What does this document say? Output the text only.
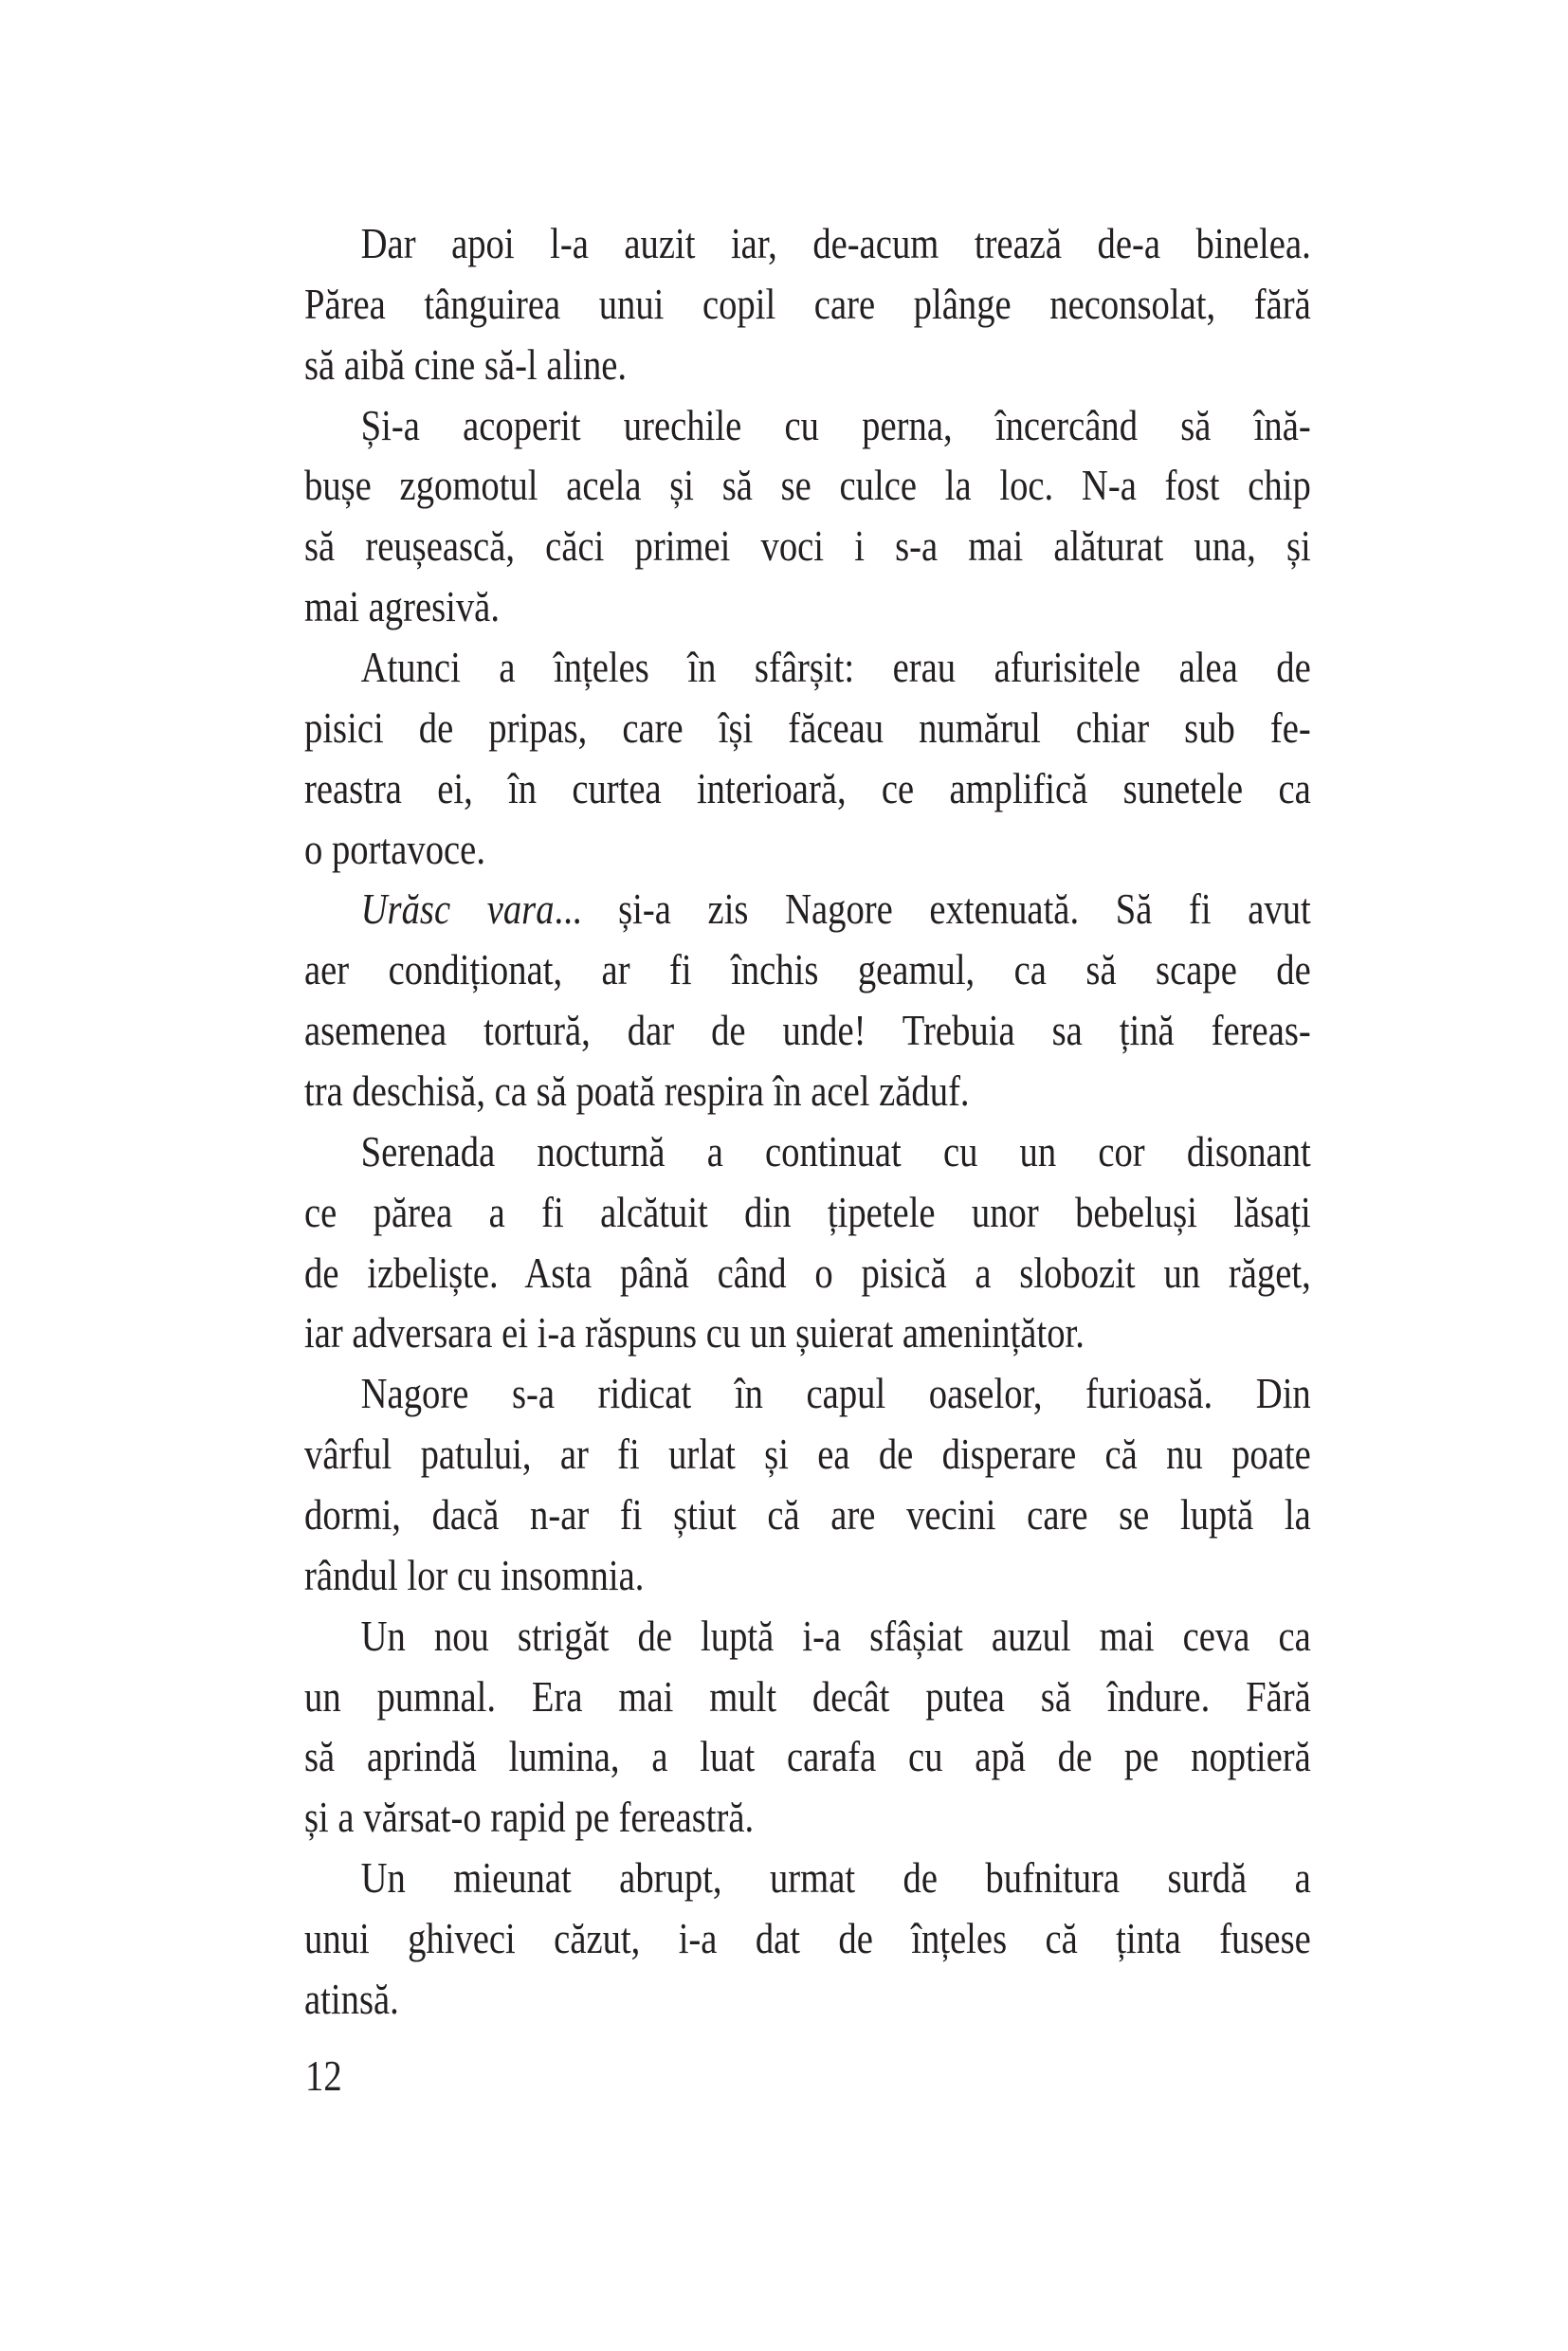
Dar apoi l-a auzit iar, de-acum trează de-a binelea.
Părea tânguirea unui copil care plânge neconsolat, fără
să aibă cine să-l aline.
Și-a acoperit urechile cu perna, încercând să înă-
bușe zgomotul acela și să se culce la loc. N-a fost chip
să reușească, căci primei voci i s-a mai alăturat una, și
mai agresivă.
Atunci a înțeles în sfârșit: erau afurisitele alea de
pisici de pripas, care își făceau numărul chiar sub fe-
reastra ei, în curtea interioară, ce amplifică sunetele ca
o portavoce.
Urăsc vara... și-a zis Nagore extenuată. Să fi avut
aer condiționat, ar fi închis geamul, ca să scape de
asemenea tortură, dar de unde! Trebuia sa țină fereas-
tra deschisă, ca să poată respira în acel zăduf.
Serenada nocturnă a continuat cu un cor disonant
ce părea a fi alcătuit din țipetele unor bebeluși lăsați
de izbeliște. Asta până când o pisică a slobozit un răget,
iar adversara ei i-a răspuns cu un șuierat amenințător.
Nagore s-a ridicat în capul oaselor, furioasă. Din
vârful patului, ar fi urlat și ea de disperare că nu poate
dormi, dacă n-ar fi știut că are vecini care se luptă la
rândul lor cu insomnia.
Un nou strigăt de luptă i-a sfâșiat auzul mai ceva ca
un pumnal. Era mai mult decât putea să îndure. Fără
să aprindă lumina, a luat carafa cu apă de pe noptieră
și a vărsat-o rapid pe fereastră.
Un mieunat abrupt, urmat de bufnitura surdă a
unui ghiveci căzut, i-a dat de înțeles că ținta fusese
atinsă.
12
